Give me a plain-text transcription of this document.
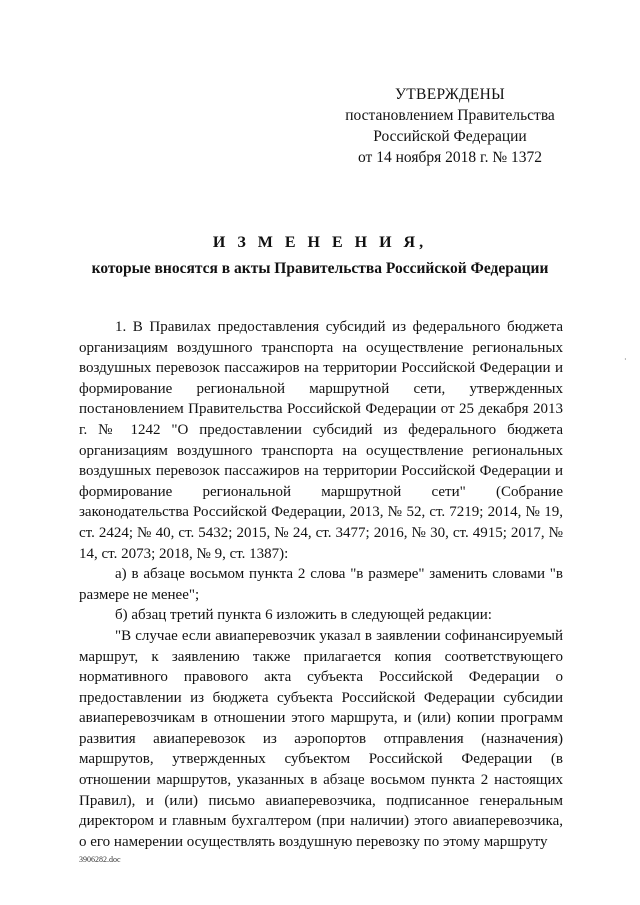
УТВЕРЖДЕНЫ
постановлением Правительства
Российской Федерации
от 14 ноября 2018 г. № 1372
И З М Е Н Е Н И Я,
которые вносятся в акты Правительства Российской Федерации

1. В Правилах предоставления субсидий из федерального бюджета организациям воздушного транспорта на осуществление региональных воздушных перевозок пассажиров на территории Российской Федерации и формирование региональной маршрутной сети, утвержденных постановлением Правительства Российской Федерации от 25 декабря 2013 г. № 1242 "О предоставлении субсидий из федерального бюджета организациям воздушного транспорта на осуществление региональных воздушных перевозок пассажиров на территории Российской Федерации и формирование региональной маршрутной сети" (Собрание законодательства Российской Федерации, 2013, № 52, ст. 7219; 2014, № 19, ст. 2424; № 40, ст. 5432; 2015, № 24, ст. 3477; 2016, № 30, ст. 4915; 2017, № 14, ст. 2073; 2018, № 9, ст. 1387):

а) в абзаце восьмом пункта 2 слова "в размере" заменить словами "в размере не менее";

б) абзац третий пункта 6 изложить в следующей редакции:

"В случае если авиаперевозчик указал в заявлении софинансируемый маршрут, к заявлению также прилагается копия соответствующего нормативного правового акта субъекта Российской Федерации о предоставлении из бюджета субъекта Российской Федерации субсидии авиаперевозчикам в отношении этого маршрута, и (или) копии программ развития авиаперевозок из аэропортов отправления (назначения) маршрутов, утвержденных субъектом Российской Федерации (в отношении маршрутов, указанных в абзаце восьмом пункта 2 настоящих Правил), и (или) письмо авиаперевозчика, подписанное генеральным директором и главным бухгалтером (при наличии) этого авиаперевозчика, о его намерении осуществлять воздушную перевозку по этому маршруту

·
3906282.doc
